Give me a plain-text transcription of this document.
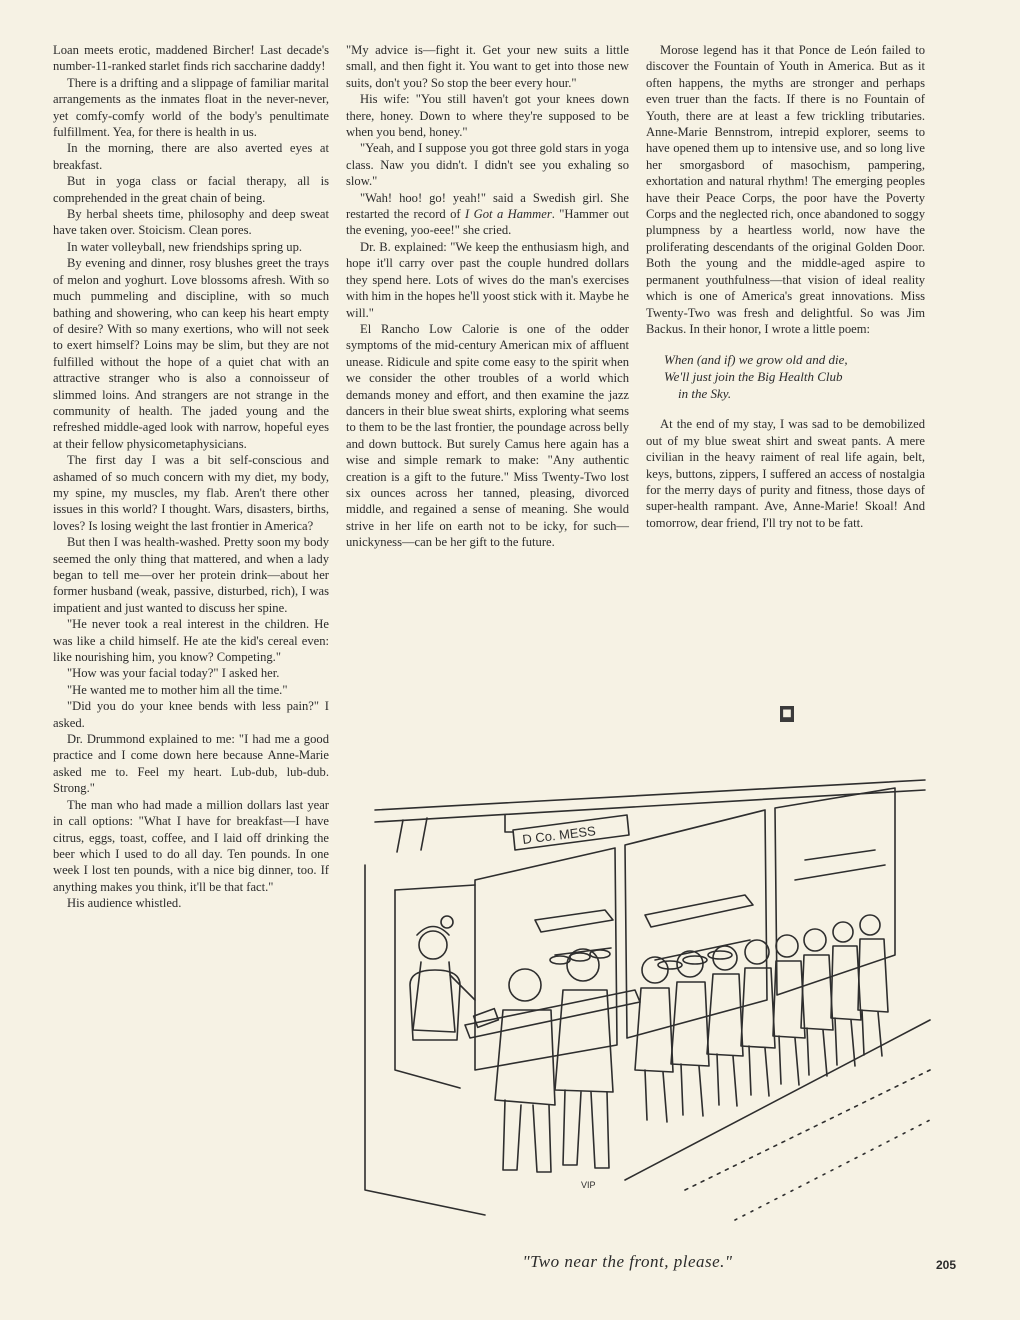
Loan meets erotic, maddened Bircher! Last decade's number-11-ranked starlet finds rich saccharine daddy!

There is a drifting and a slippage of familiar marital arrangements as the inmates float in the never-never, yet comfy-comfy world of the body's penultimate fulfillment. Yea, for there is health in us.

In the morning, there are also averted eyes at breakfast.

But in yoga class or facial therapy, all is comprehended in the great chain of being.

By herbal sheets time, philosophy and deep sweat have taken over. Stoicism. Clean pores.

In water volleyball, new friendships spring up.

By evening and dinner, rosy blushes greet the trays of melon and yoghurt. Love blossoms afresh. With so much pummeling and discipline, with so much bathing and showering, who can keep his heart empty of desire? With so many exertions, who will not seek to exert himself? Loins may be slim, but they are not fulfilled without the hope of a quiet chat with an attractive stranger who is also a connoisseur of slimmed loins. And strangers are not strange in the community of health. The jaded young and the refreshed middle-aged look with narrow, hopeful eyes at their fellow physicometaphysicians.

The first day I was a bit self-conscious and ashamed of so much concern with my diet, my body, my spine, my muscles, my flab. Aren't there other issues in this world? I thought. Wars, disasters, births, loves? Is losing weight the last frontier in America?

But then I was health-washed. Pretty soon my body seemed the only thing that mattered, and when a lady began to tell me—over her protein drink—about her former husband (weak, passive, disturbed, rich), I was impatient and just wanted to discuss her spine.

"He never took a real interest in the children. He was like a child himself. He ate the kid's cereal even: like nourishing him, you know? Competing."

"How was your facial today?" I asked her.

"He wanted me to mother him all the time."

"Did you do your knee bends with less pain?" I asked.

Dr. Drummond explained to me: "I had me a good practice and I come down here because Anne-Marie asked me to. Feel my heart. Lub-dub, lub-dub. Strong."

The man who had made a million dollars last year in call options: "What I have for breakfast—I have citrus, eggs, toast, coffee, and I laid off drinking the beer which I used to do all day. Ten pounds. In one week I lost ten pounds, with a nice big dinner, too. If anything makes you think, it'll be that fact."

His audience whistled.

"My advice is—fight it. Get your new suits a little small, and then fight it. You want to get into those new suits, don't you? So stop the beer every hour."

His wife: "You still haven't got your knees down there, honey. Down to where they're supposed to be when you bend, honey."

"Yeah, and I suppose you got three gold stars in yoga class. Naw you didn't. I didn't see you exhaling so slow."

"Wah! hoo! go! yeah!" said a Swedish girl. She restarted the record of I Got a Hammer. "Hammer out the evening, yoo-eee!" she cried.

Dr. B. explained: "We keep the enthusiasm high, and hope it'll carry over past the couple hundred dollars they spend here. Lots of wives do the man's exercises with him in the hopes he'll yoost stick with it. Maybe he will."

El Rancho Low Calorie is one of the odder symptoms of the mid-century American mix of affluent unease. Ridicule and spite come easy to the spirit when we consider the other troubles of a world which demands money and effort, and then examine the jazz dancers in their blue sweat shirts, exploring what seems to them to be the last frontier, the poundage across belly and down buttock. But surely Camus here again has a wise and simple remark to make: "Any authentic creation is a gift to the future." Miss Twenty-Two lost six ounces across her tanned, pleasing, divorced middle, and regained a sense of meaning. She would strive in her life on earth not to be icky, for such—unickyness—can be her gift to the future.

Morose legend has it that Ponce de León failed to discover the Fountain of Youth in America. But as it often happens, the myths are stronger and perhaps even truer than the facts. If there is no Fountain of Youth, there are at least a few trickling tributaries. Anne-Marie Bennstrom, intrepid explorer, seems to have opened them up to intensive use, and so long live her smorgasbord of masochism, pampering, exhortation and natural rhythm! The emerging peoples have their Peace Corps, the poor have the Poverty Corps and the neglected rich, once abandoned to soggy plumpness by a heartless world, now have the proliferating descendants of the original Golden Door. Both the young and the middle-aged aspire to permanent youthfulness—that vision of ideal reality which is one of America's great innovations. Miss Twenty-Two was fresh and delightful. So was Jim Backus. In their honor, I wrote a little poem:

When (and if) we grow old and die,
We'll just join the Big Health Club
in the Sky.

At the end of my stay, I was sad to be demobilized out of my blue sweat shirt and sweat pants. A mere civilian in the heavy raiment of real life again, belt, keys, buttons, zippers, I suffered an access of nostalgia for the merry days of purity and fitness, those days of super-health rampant. Ave, Anne-Marie! Skoal! And tomorrow, dear friend, I'll try not to be fatt.

■
D Co. MESS
VIP
"Two near the front, please."	205
